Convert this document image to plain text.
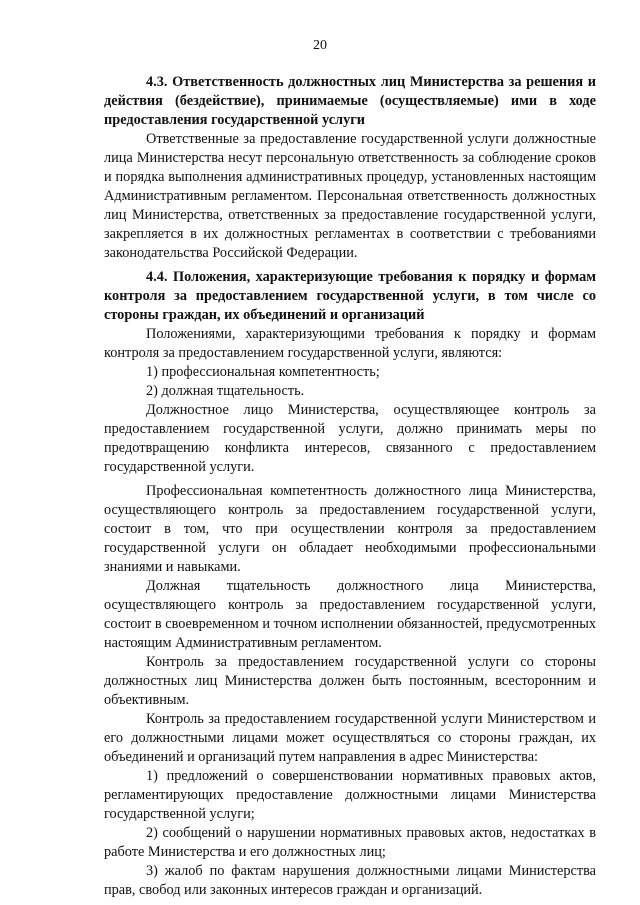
20

4.3. Ответственность должностных лиц Министерства за решения и действия (бездействие), принимаемые (осуществляемые) ими в ходе предоставления государственной услуги

Ответственные за предоставление государственной услуги должностные лица Министерства несут персональную ответственность за соблюдение сроков и порядка выполнения административных процедур, установленных настоящим Административным регламентом. Персональная ответственность должностных лиц Министерства, ответственных за предоставление государственной услуги, закрепляется в их должностных регламентах в соответствии с требованиями законодательства Российской Федерации.

4.4. Положения, характеризующие требования к порядку и формам контроля за предоставлением государственной услуги, в том числе со стороны граждан, их объединений и организаций

Положениями, характеризующими требования к порядку и формам контроля за предоставлением государственной услуги, являются:

1) профессиональная компетентность;

2) должная тщательность.

Должностное лицо Министерства, осуществляющее контроль за предоставлением государственной услуги, должно принимать меры по предотвращению конфликта интересов, связанного с предоставлением государственной услуги.

Профессиональная компетентность должностного лица Министерства, осуществляющего контроль за предоставлением государственной услуги, состоит в том, что при осуществлении контроля за предоставлением государственной услуги он обладает необходимыми профессиональными знаниями и навыками.

Должная тщательность должностного лица Министерства, осуществляющего контроль за предоставлением государственной услуги, состоит в своевременном и точном исполнении обязанностей, предусмотренных настоящим Административным регламентом.

Контроль за предоставлением государственной услуги со стороны должностных лиц Министерства должен быть постоянным, всесторонним и объективным.

Контроль за предоставлением государственной услуги Министерством и его должностными лицами может осуществляться со стороны граждан, их объединений и организаций путем направления в адрес Министерства:

1) предложений о совершенствовании нормативных правовых актов, регламентирующих предоставление должностными лицами Министерства государственной услуги;

2) сообщений о нарушении нормативных правовых актов, недостатках в работе Министерства и его должностных лиц;

3) жалоб по фактам нарушения должностными лицами Министерства прав, свобод или законных интересов граждан и организаций.
